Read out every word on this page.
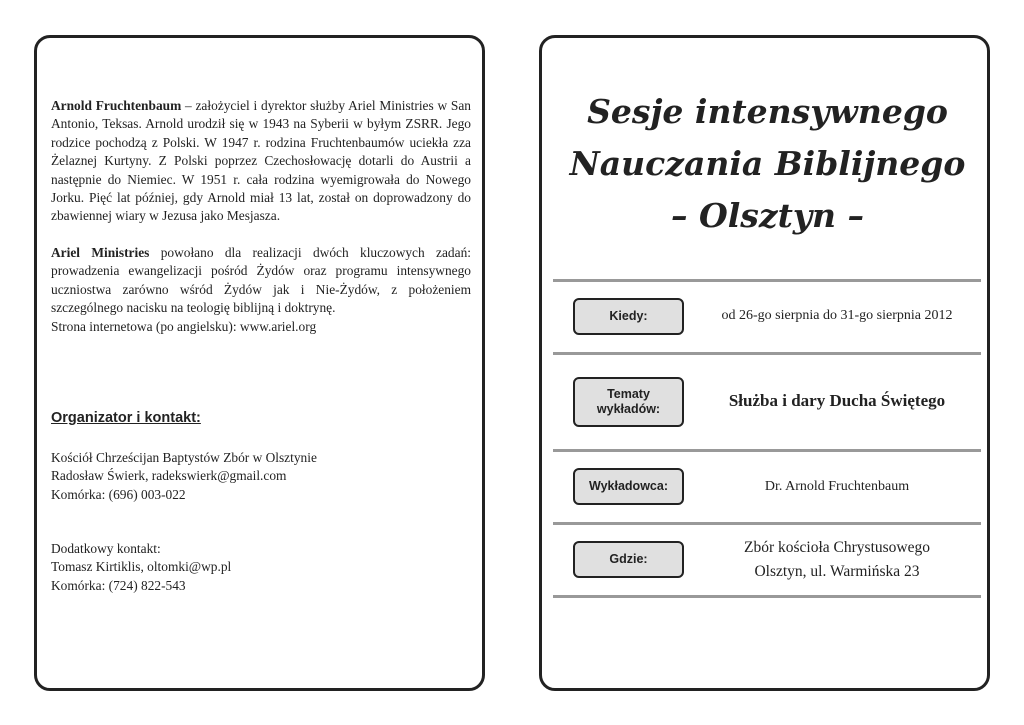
Arnold Fruchtenbaum – założyciel i dyrektor służby Ariel Ministries w San Antonio, Teksas. Arnold urodził się w 1943 na Syberii w byłym ZSRR. Jego rodzice pochodzą z Polski. W 1947 r. rodzina Fruchtenbaumów uciekła zza Żelaznej Kurtyny. Z Polski poprzez Czechosłowację dotarli do Austrii a następnie do Niemiec. W 1951 r. cała rodzina wyemigrowała do Nowego Jorku. Pięć lat później, gdy Arnold miał 13 lat, został on doprowadzony do zbawiennej wiary w Jezusa jako Mesjasza.

Ariel Ministries powołano dla realizacji dwóch kluczowych zadań: prowadzenia ewangelizacji pośród Żydów oraz programu intensywnego uczniostwa zarówno wśród Żydów jak i Nie-Żydów, z położeniem szczególnego nacisku na teologię biblijną i doktrynę.
Strona internetowa (po angielsku): www.ariel.org

Organizator i kontakt:
Kościół Chrześcijan Baptystów Zbór w Olsztynie
Radosław Świerk, radekswierk@gmail.com
Komórka: (696) 003-022
Dodatkowy kontakt:
Tomasz Kirtiklis, oltomki@wp.pl
Komórka: (724) 822-543
Sesje intensywnego
Nauczania Biblijnego
– Olsztyn –
Kiedy:	od 26-go sierpnia do 31-go sierpnia 2012
Tematy wykładów:	Służba i dary Ducha Świętego
Wykładowca:	Dr. Arnold Fruchtenbaum
Gdzie:
Zbór kościoła Chrystusowego
Olsztyn, ul. Warmińska 23
